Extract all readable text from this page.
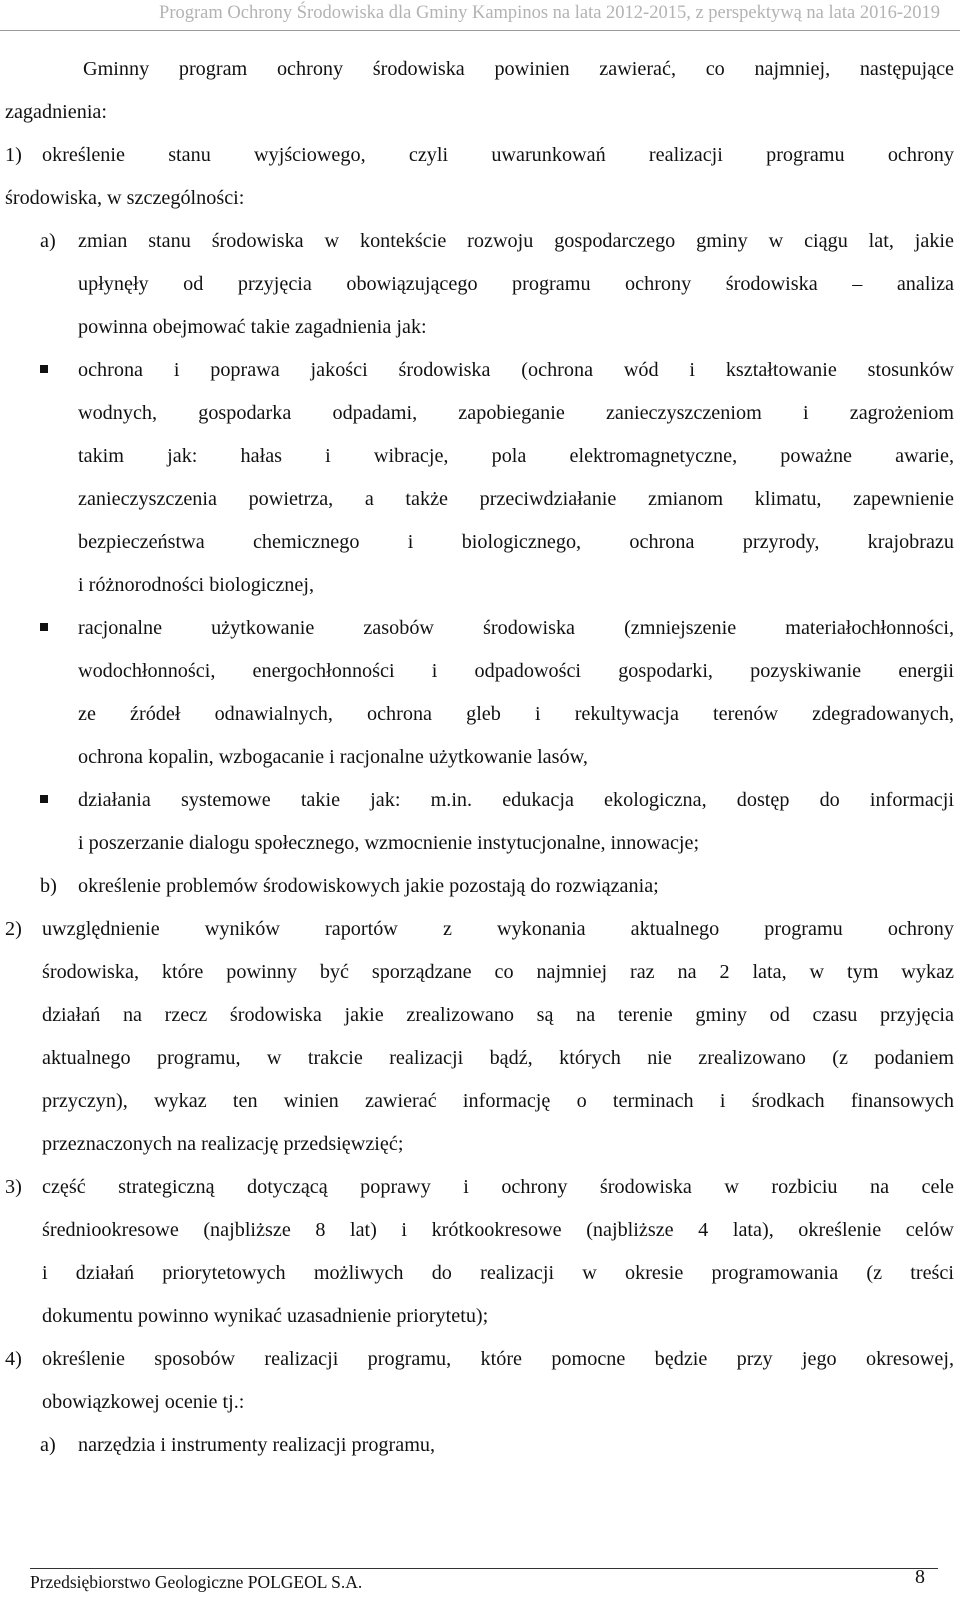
Program Ochrony Środowiska dla Gminy Kampinos na lata 2012-2015, z perspektywą na lata 2016-2019
Gminny program ochrony środowiska powinien zawierać, co najmniej, następujące
zagadnienia:
1) określenie stanu wyjściowego, czyli uwarunkowań realizacji programu ochrony
środowiska, w szczególności:
a) zmian stanu środowiska w kontekście rozwoju gospodarczego gminy w ciągu lat, jakie
upłynęły od przyjęcia obowiązującego programu ochrony środowiska – analiza
powinna obejmować takie zagadnienia jak:
ochrona i poprawa jakości środowiska (ochrona wód i kształtowanie stosunków
wodnych, gospodarka odpadami, zapobieganie zanieczyszczeniom i zagrożeniom
takim jak: hałas i wibracje, pola elektromagnetyczne, poważne awarie,
zanieczyszczenia powietrza, a także przeciwdziałanie zmianom klimatu, zapewnienie
bezpieczeństwa chemicznego i biologicznego, ochrona przyrody, krajobrazu
i różnorodności biologicznej,
racjonalne użytkowanie zasobów środowiska (zmniejszenie materiałochłonności,
wodochłonności, energochłonności i odpadowości gospodarki, pozyskiwanie energii
ze źródeł odnawialnych, ochrona gleb i rekultywacja terenów zdegradowanych,
ochrona kopalin, wzbogacanie i racjonalne użytkowanie lasów,
działania systemowe takie jak: m.in. edukacja ekologiczna, dostęp do informacji
i poszerzanie dialogu społecznego, wzmocnienie instytucjonalne, innowacje;
b) określenie problemów środowiskowych jakie pozostają do rozwiązania;
2) uwzględnienie wyników raportów z wykonania aktualnego programu ochrony
środowiska, które powinny być sporządzane co najmniej raz na 2 lata, w tym wykaz
działań na rzecz środowiska jakie zrealizowano są na terenie gminy od czasu przyjęcia
aktualnego programu, w trakcie realizacji bądź, których nie zrealizowano (z podaniem
przyczyn), wykaz ten winien zawierać informację o terminach i środkach finansowych
przeznaczonych na realizację przedsięwzięć;
3) część strategiczną dotyczącą poprawy i ochrony środowiska w rozbiciu na cele
średniookresowe (najbliższe 8 lat) i krótkookresowe (najbliższe 4 lata), określenie celów
i działań priorytetowych możliwych do realizacji w okresie programowania (z treści
dokumentu powinno wynikać uzasadnienie priorytetu);
4) określenie sposobów realizacji programu, które pomocne będzie przy jego okresowej,
obowiązkowej ocenie tj.:
a) narzędzia i instrumenty realizacji programu,
Przedsiębiorstwo Geologiczne POLGEOL S.A.	8
